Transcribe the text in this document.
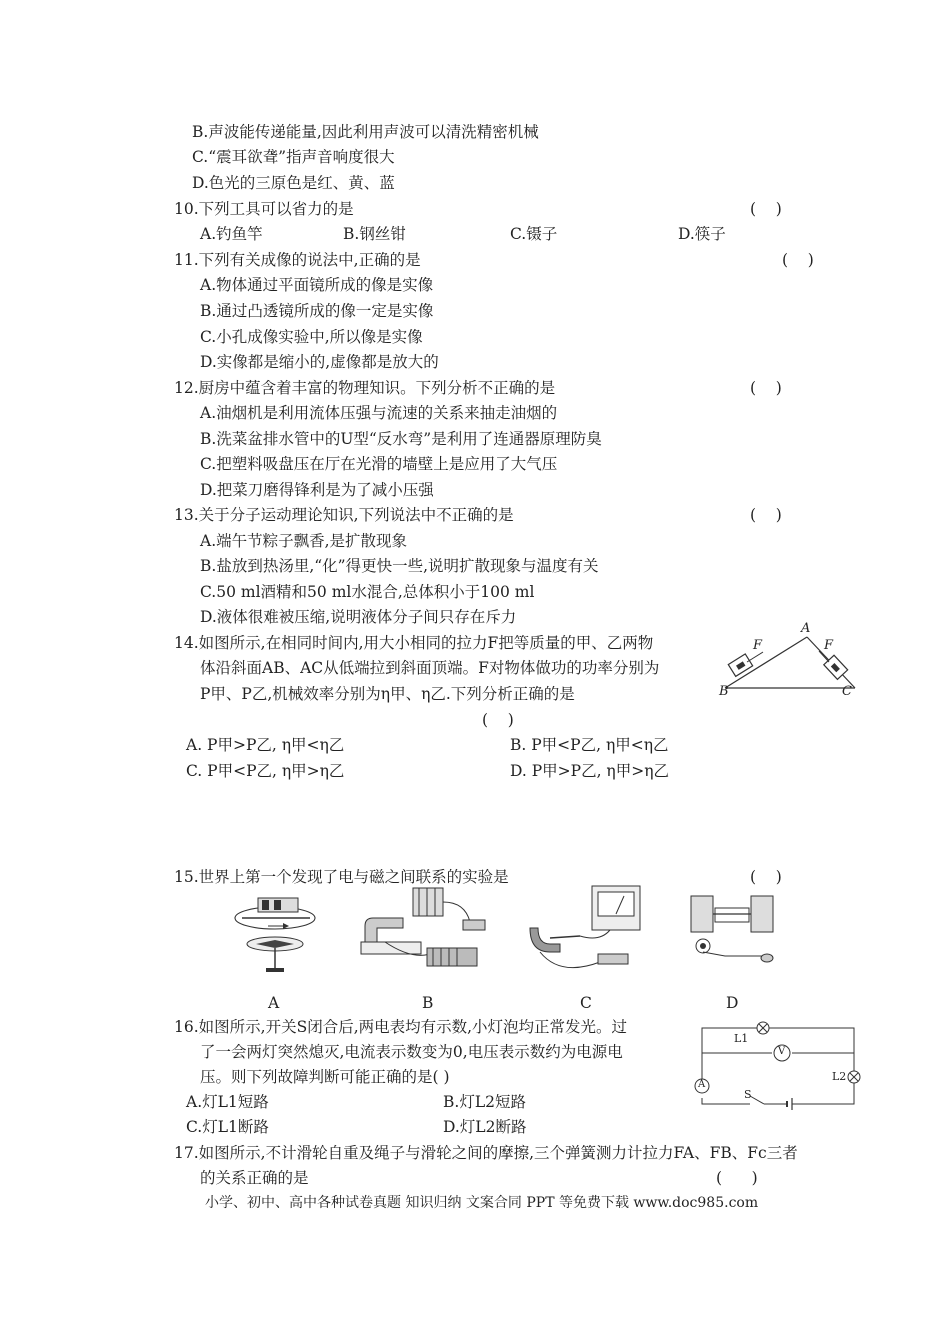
B.声波能传递能量,因此利用声波可以清洗精密机械
C.“震耳欲聋”指声音响度很大
D.色光的三原色是红、黄、蓝
10.下列工具可以省力的是	(    )
A.钓鱼竿	B.钢丝钳	C.镊子	D.筷子
11.下列有关成像的说法中,正确的是	(    )
A.物体通过平面镜所成的像是实像
B.通过凸透镜所成的像一定是实像
C.小孔成像实验中,所以像是实像
D.实像都是缩小的,虚像都是放大的
12.厨房中蕴含着丰富的物理知识。下列分析不正确的是	(    )
A.油烟机是利用流体压强与流速的关系来抽走油烟的
B.洗菜盆排水管中的U型“反水弯”是利用了连通器原理防臭
C.把塑料吸盘压在厅在光滑的墙壁上是应用了大气压
D.把菜刀磨得锋利是为了减小压强
13.关于分子运动理论知识,下列说法中不正确的是	(    )
A.端午节粽子飘香,是扩散现象
B.盐放到热汤里,“化”得更快一些,说明扩散现象与温度有关
C.50 ml酒精和50 ml水混合,总体积小于100 ml
D.液体很难被压缩,说明液体分子间只存在斥力
14.如图所示,在相同时间内,用大小相同的拉力F把等质量的甲、乙两物
体沿斜面AB、AC从低端拉到斜面顶端。F对物体做功的功率分别为
P甲、P乙,机械效率分别为η甲、η乙.下列分析正确的是
(    )
A. P甲>P乙, η甲<η乙	B. P甲<P乙, η甲<η乙
C. P甲<P乙, η甲>η乙	D. P甲>P乙, η甲>η乙
A
B	C
F	F
15.世界上第一个发现了电与磁之间联系的实验是	(    )
A	B	C	D
16.如图所示,开关S闭合后,两电表均有示数,小灯泡均正常发光。过
了一会两灯突然熄灭,电流表示数变为0,电压表示数约为电源电
压。则下列故障判断可能正确的是( )
A.灯L1短路	B.灯L2短路
C.灯L1断路	D.灯L2断路
L1
L2
V
A
S
17.如图所示,不计滑轮自重及绳子与滑轮之间的摩擦,三个弹簧测力计拉力FA、FB、Fc三者
的关系正确的是	(      )
小学、初中、高中各种试卷真题 知识归纳 文案合同 PPT 等免费下载 www.doc985.com
